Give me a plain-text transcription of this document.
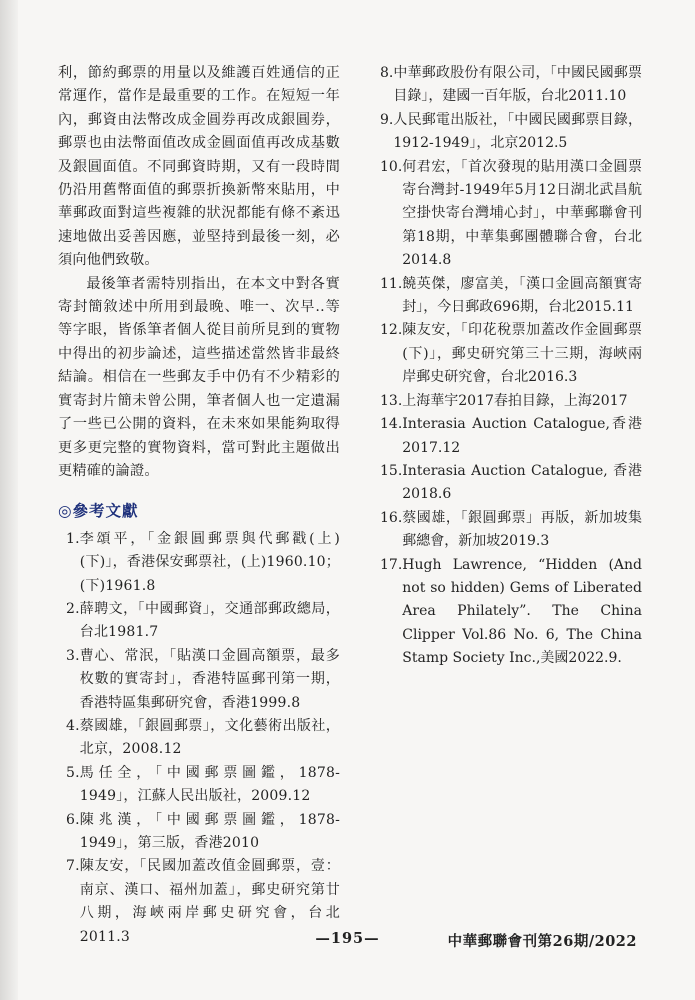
利，節約郵票的用量以及維護百姓通信的正常運作，當作是最重要的工作。在短短一年內，郵資由法幣改成金圓券再改成銀圓券，郵票也由法幣面值改成金圓面值再改成基數及銀圓面值。不同郵資時期，又有一段時間仍沿用舊幣面值的郵票折換新幣來貼用，中華郵政面對這些複雜的狀況都能有條不紊迅速地做出妥善因應，並堅持到最後一刻，必須向他們致敬。

最後筆者需特別指出，在本文中對各實寄封簡敘述中所用到最晚、唯一、次早..等等字眼，皆係筆者個人從目前所見到的實物中得出的初步論述，這些描述當然皆非最終結論。相信在一些郵友手中仍有不少精彩的實寄封片簡未曾公開，筆者個人也一定遺漏了一些已公開的資料，在未來如果能夠取得更多更完整的實物資料，當可對此主題做出更精確的論證。

◎參考文獻
1. 李頌平，「金銀圓郵票與代郵戳(上)(下)」，香港保安郵票社，(上)1960.10；(下)1961.8
2. 薛聘文，「中國郵資」，交通部郵政總局，台北1981.7
3. 曹心、常泯，「貼漢口金圓高額票，最多枚數的實寄封」，香港特區郵刊第一期，香港特區集郵研究會，香港1999.8
4. 蔡國雄，「銀圓郵票」，文化藝術出版社，北京，2008.12
5. 馬任全，「中國郵票圖鑑，1878-1949」，江蘇人民出版社，2009.12
6. 陳兆漢，「中國郵票圖鑑，1878-1949」，第三版，香港2010
7. 陳友安，「民國加蓋改值金圓郵票，壹：南京、漢口、福州加蓋」，郵史研究第廿八期，海峽兩岸郵史研究會，台北2011.3
8. 中華郵政股份有限公司，「中國民國郵票目錄」，建國一百年版，台北2011.10
9. 人民郵電出版社，「中國民國郵票目錄，1912-1949」，北京2012.5
10. 何君宏，「首次發現的貼用漢口金圓票寄台灣封-1949年5月12日湖北武昌航空掛快寄台灣埔心封」，中華郵聯會刊第18期，中華集郵團體聯合會，台北2014.8
11. 饒英傑，廖富美，「漢口金圓高額實寄封」，今日郵政696期，台北2015.11
12. 陳友安，「印花稅票加蓋改作金圓郵票(下)」，郵史研究第三十三期，海峽兩岸郵史研究會，台北2016.3
13. 上海華宇2017春拍目錄，上海2017
14. Interasia Auction Catalogue,香港2017.12
15. Interasia Auction Catalogue, 香港2018.6
16. 蔡國雄，「銀圓郵票」再版，新加坡集郵總會，新加坡2019.3
17. Hugh Lawrence, “Hidden (And not so hidden) Gems of Liberated Area Philately”. The China Clipper Vol.86 No. 6, The China Stamp Society Inc.,美國2022.9.
—195—	中華郵聯會刊第26期/2022
